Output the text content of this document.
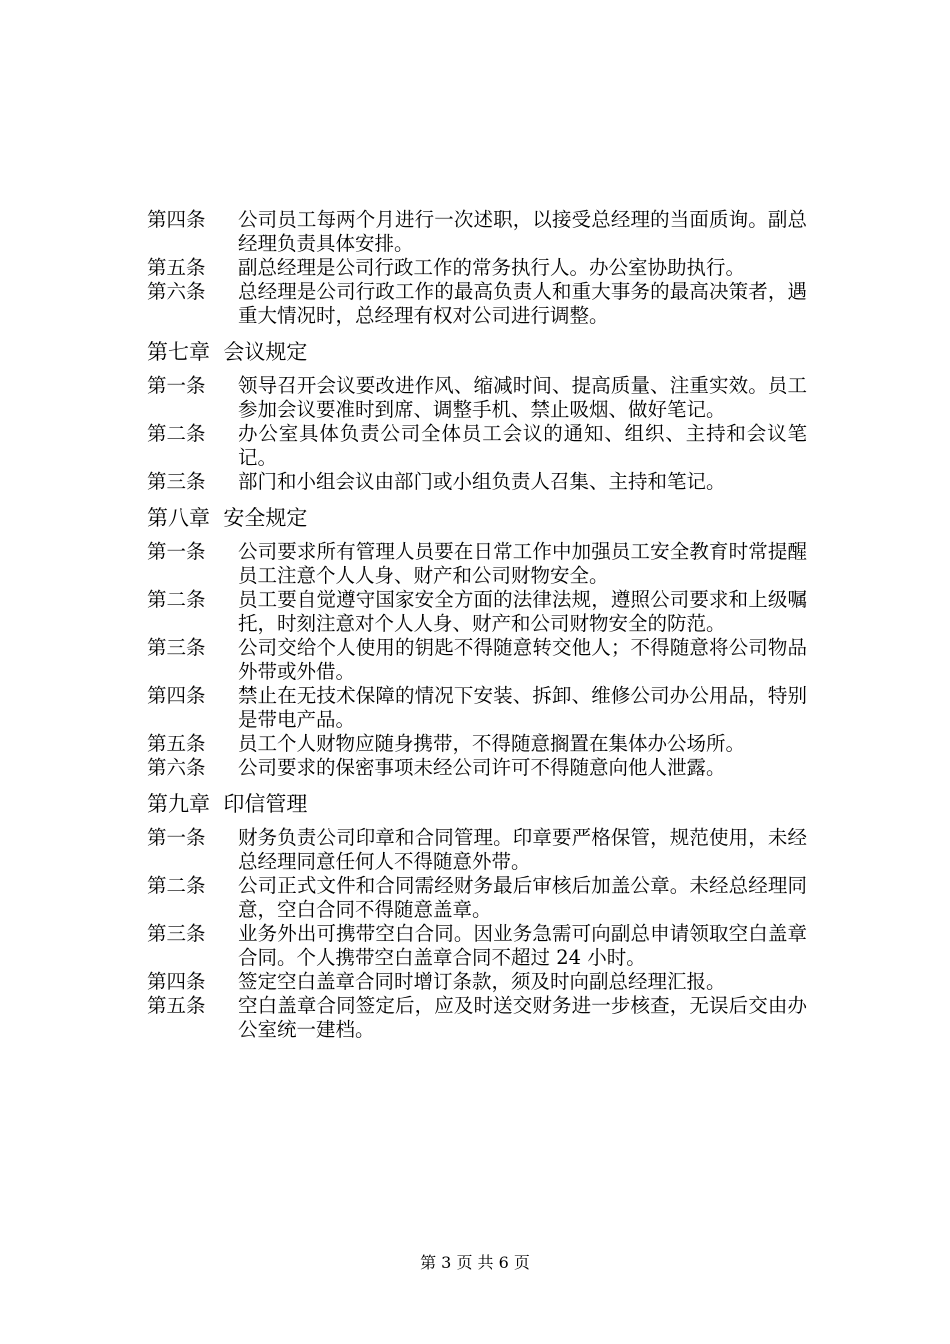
第四条	公司员工每两个月进行一次述职，以接受总经理的当面质询。副总经理负责具体安排。
第五条	副总经理是公司行政工作的常务执行人。办公室协助执行。
第六条	总经理是公司行政工作的最高负责人和重大事务的最高决策者，遇重大情况时，总经理有权对公司进行调整。
第七章  会议规定
第一条	领导召开会议要改进作风、缩减时间、提高质量、注重实效。员工参加会议要准时到席、调整手机、禁止吸烟、做好笔记。
第二条	办公室具体负责公司全体员工会议的通知、组织、主持和会议笔记。
第三条	部门和小组会议由部门或小组负责人召集、主持和笔记。
第八章  安全规定
第一条	公司要求所有管理人员要在日常工作中加强员工安全教育时常提醒员工注意个人人身、财产和公司财物安全。
第二条	员工要自觉遵守国家安全方面的法律法规，遵照公司要求和上级嘱托，时刻注意对个人人身、财产和公司财物安全的防范。
第三条	公司交给个人使用的钥匙不得随意转交他人；不得随意将公司物品外带或外借。
第四条	禁止在无技术保障的情况下安装、拆卸、维修公司办公用品，特别是带电产品。
第五条	员工个人财物应随身携带，不得随意搁置在集体办公场所。
第六条	公司要求的保密事项未经公司许可不得随意向他人泄露。
第九章  印信管理
第一条	财务负责公司印章和合同管理。印章要严格保管，规范使用，未经总经理同意任何人不得随意外带。
第二条	公司正式文件和合同需经财务最后审核后加盖公章。未经总经理同意，空白合同不得随意盖章。
第三条	业务外出可携带空白合同。因业务急需可向副总申请领取空白盖章合同。个人携带空白盖章合同不超过 24 小时。
第四条	签定空白盖章合同时增订条款，须及时向副总经理汇报。
第五条	空白盖章合同签定后，应及时送交财务进一步核查，无误后交由办公室统一建档。
第 3 页 共 6 页
